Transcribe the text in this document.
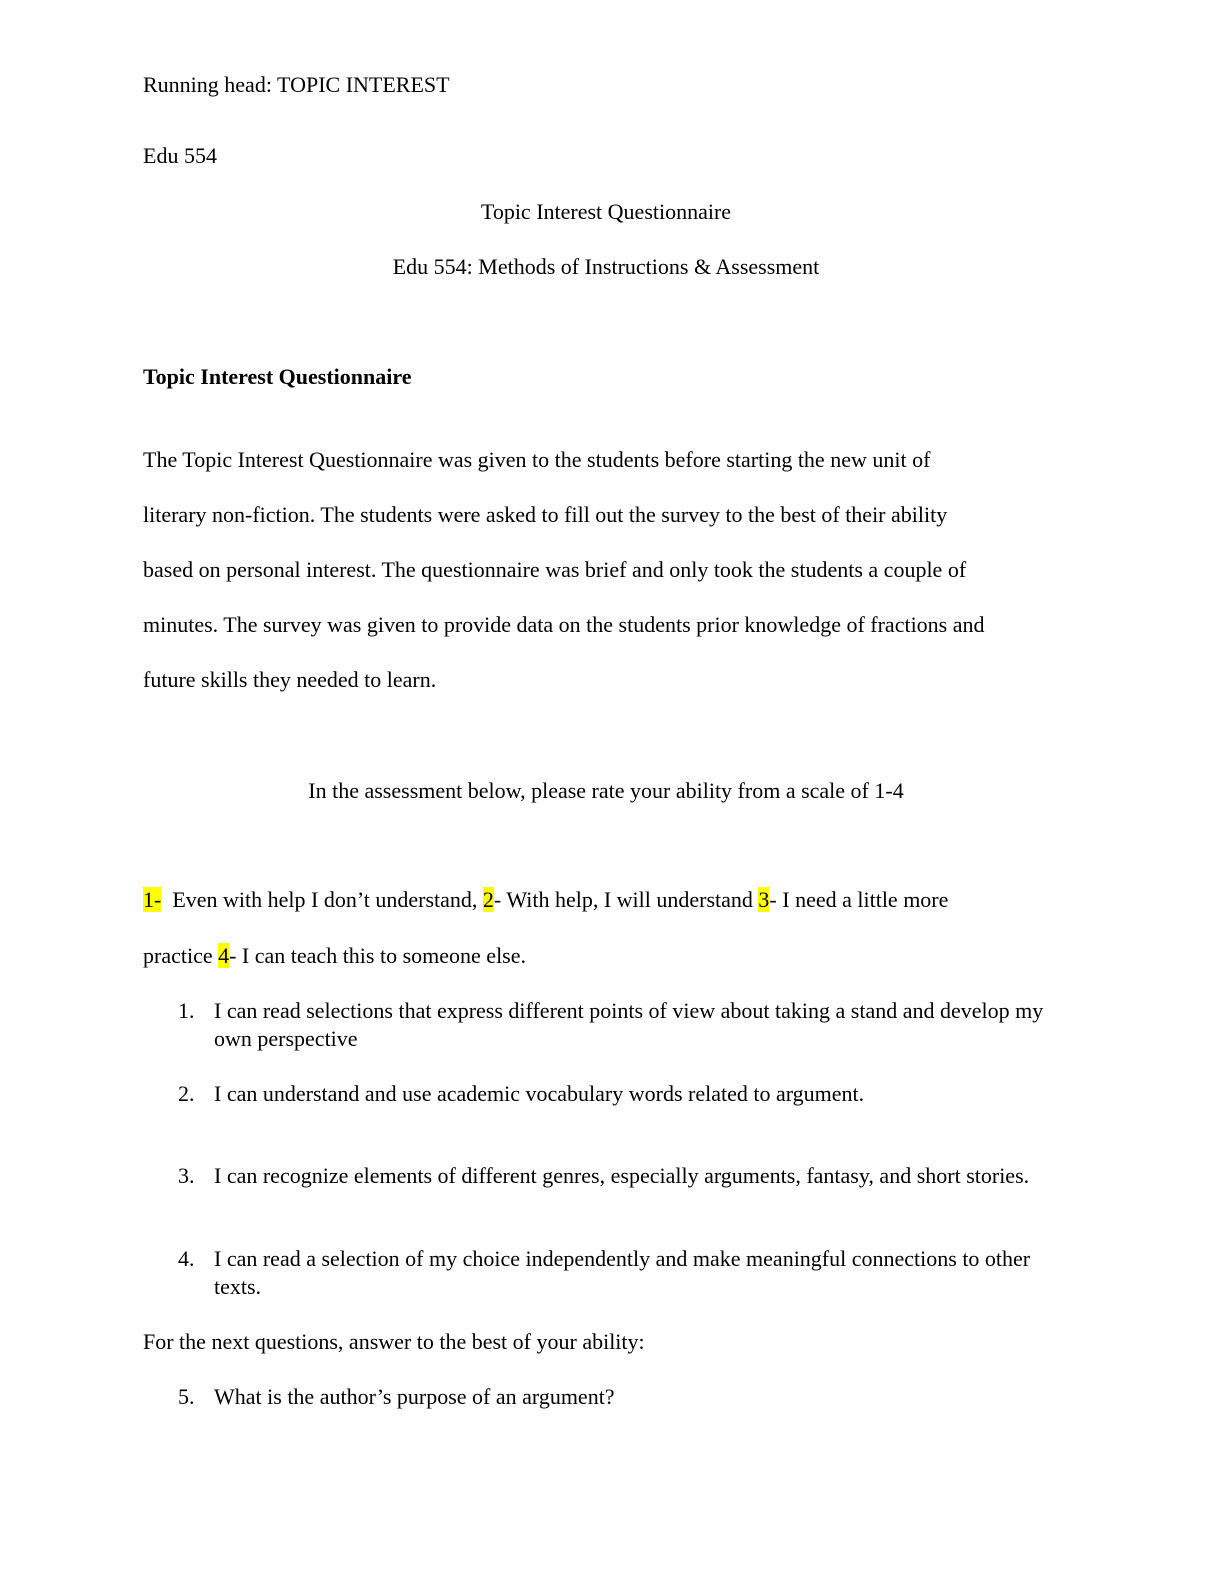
Running head: TOPIC INTEREST
Edu 554
Topic Interest Questionnaire
Edu 554: Methods of Instructions & Assessment
Topic Interest Questionnaire
The Topic Interest Questionnaire was given to the students before starting the new unit of
literary non-fiction. The students were asked to fill out the survey to the best of their ability
based on personal interest. The questionnaire was brief and only took the students a couple of
minutes. The survey was given to provide data on the students prior knowledge of fractions and
future skills they needed to learn.
In the assessment below, please rate your ability from a scale of 1-4
1-  Even with help I don’t understand, 2- With help, I will understand 3- I need a little more
practice 4- I can teach this to someone else.
1. I can read selections that express different points of view about taking a stand and develop my own perspective
2. I can understand and use academic vocabulary words related to argument.
3. I can recognize elements of different genres, especially arguments, fantasy, and short stories.
4. I can read a selection of my choice independently and make meaningful connections to other texts.
For the next questions, answer to the best of your ability:
5. What is the author’s purpose of an argument?
